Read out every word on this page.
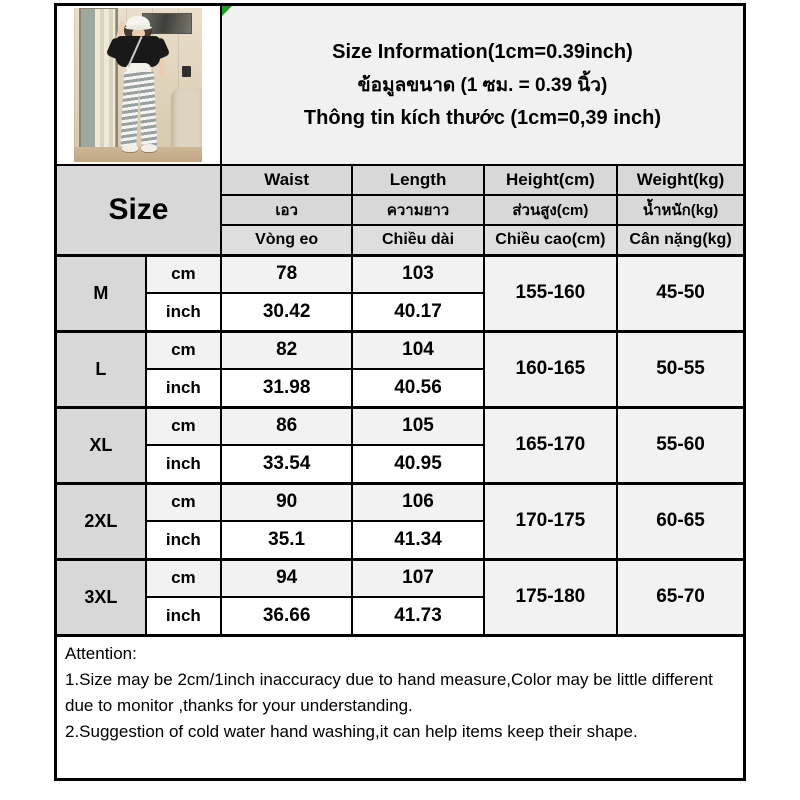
		Size Information(1cm=0.39inch)
ข้อมูลขนาด (1 ซม. = 0.39 นิ้ว)
Thông tin kích thước (1cm=0,39 inch)			

Size		Waist	Length	Height(cm)	Weight(kg)
		เอว	ความยาว	ส่วนสูง(cm)	น้ำหนัก(kg)
		Vòng eo	Chiều dài	Chiều cao(cm)	Cân nặng(kg)
M	cm	78	103	155-160	45-50
	inch	30.42	40.17		
L	cm	82	104	160-165	50-55
	inch	31.98	40.56		
XL	cm	86	105	165-170	55-60
	inch	33.54	40.95		
2XL	cm	90	106	170-175	60-65
	inch	35.1	41.34		
3XL	cm	94	107	175-180	65-70
	inch	36.66	41.73		

Attention:
1.Size may be 2cm/1inch inaccuracy due to hand measure,Color may be little different due to monitor ,thanks for your understanding.
2.Suggestion of cold water hand washing,it can help items keep their shape.					
